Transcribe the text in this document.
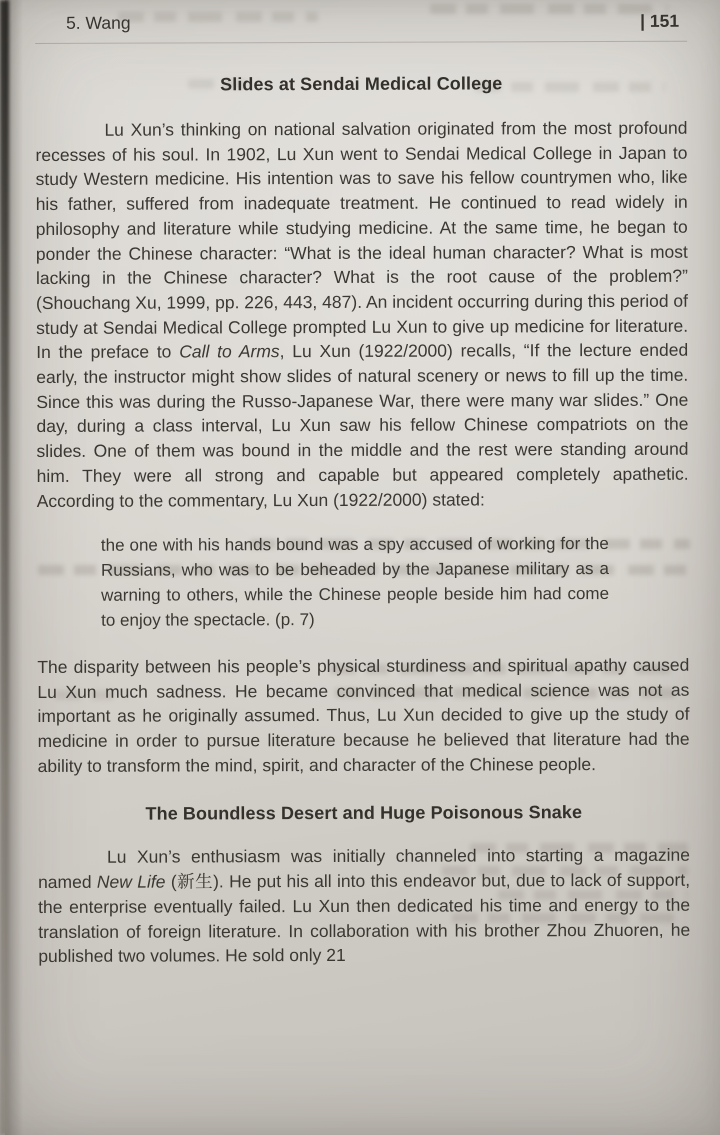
5. Wang	| 151
Slides at Sendai Medical College

Lu Xun’s thinking on national salvation originated from the most profound recesses of his soul. In 1902, Lu Xun went to Sendai Medical College in Japan to study Western medicine. His intention was to save his fellow countrymen who, like his father, suffered from inadequate treatment. He continued to read widely in philosophy and literature while studying medicine. At the same time, he began to ponder the Chinese character: “What is the ideal human character? What is most lacking in the Chinese character? What is the root cause of the problem?” (Shouchang Xu, 1999, pp. 226, 443, 487). An incident occurring during this period of study at Sendai Medical College prompted Lu Xun to give up medicine for literature. In the preface to Call to Arms, Lu Xun (1922/2000) recalls, “If the lecture ended early, the instructor might show slides of natural scenery or news to fill up the time. Since this was during the Russo-Japanese War, there were many war slides.” One day, during a class interval, Lu Xun saw his fellow Chinese compatriots on the slides. One of them was bound in the middle and the rest were standing around him. They were all strong and capable but appeared completely apathetic. According to the commentary, Lu Xun (1922/2000) stated:

the one with his hands bound was a spy accused of working for the Russians, who was to be beheaded by the Japanese military as a warning to others, while the Chinese people beside him had come to enjoy the spectacle. (p. 7)

The disparity between his people’s physical sturdiness and spiritual apathy caused Lu Xun much sadness. He became convinced that medical science was not as important as he originally assumed. Thus, Lu Xun decided to give up the study of medicine in order to pursue literature because he believed that literature had the ability to transform the mind, spirit, and character of the Chinese people.

The Boundless Desert and Huge Poisonous Snake

Lu Xun’s enthusiasm was initially channeled into starting a magazine named New Life (新生). He put his all into this endeavor but, due to lack of support, the enterprise eventually failed. Lu Xun then dedicated his time and energy to the translation of foreign literature. In collaboration with his brother Zhou Zhuoren, he published two volumes. He sold only 21
